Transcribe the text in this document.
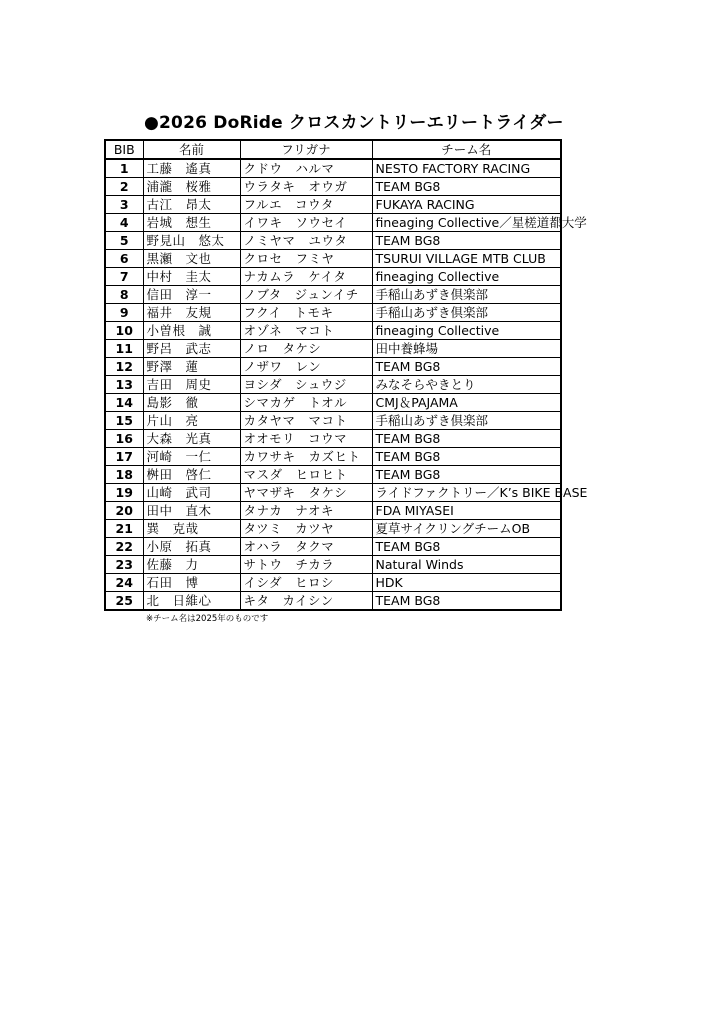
●2026 DoRide クロスカントリーエリートライダー
BIB	名前	フリガナ	チーム名
1	工藤　遙真	クドウ　ハルマ	NESTO FACTORY RACING
2	浦瀧　桜雅	ウラタキ　オウガ	TEAM BG8
3	古江　昂太	フルエ　コウタ	FUKAYA RACING
4	岩城　想生	イワキ　ソウセイ	fineaging Collective／星槎道都大学
5	野見山　悠太	ノミヤマ　ユウタ	TEAM BG8
6	黒瀬　文也	クロセ　フミヤ	TSURUI VILLAGE MTB CLUB
7	中村　圭太	ナカムラ　ケイタ	fineaging Collective
8	信田　淳一	ノブタ　ジュンイチ	手稲山あずき倶楽部
9	福井　友規	フクイ　トモキ	手稲山あずき倶楽部
10	小曽根　誠	オゾネ　マコト	fineaging Collective
11	野呂　武志	ノロ　タケシ	田中養蜂場
12	野澤　蓮	ノザワ　レン	TEAM BG8
13	吉田　周史	ヨシダ　シュウジ	みなそらやきとり
14	島影　徹	シマカゲ　トオル	CMJ＆PAJAMA
15	片山　亮	カタヤマ　マコト	手稲山あずき倶楽部
16	大森　光真	オオモリ　コウマ	TEAM BG8
17	河崎　一仁	カワサキ　カズヒト	TEAM BG8
18	桝田　啓仁	マスダ　ヒロヒト	TEAM BG8
19	山崎　武司	ヤマザキ　タケシ	ライドファクトリー／K’s BIKE BASE
20	田中　直木	タナカ　ナオキ	FDA MIYASEI
21	巽　克哉	タツミ　カツヤ	夏草サイクリングチームOB
22	小原　拓真	オハラ　タクマ	TEAM BG8
23	佐藤　力	サトウ　チカラ	Natural Winds
24	石田　博	イシダ　ヒロシ	HDK
25	北　日維心	キタ　カイシン	TEAM BG8
※チーム名は2025年のものです
